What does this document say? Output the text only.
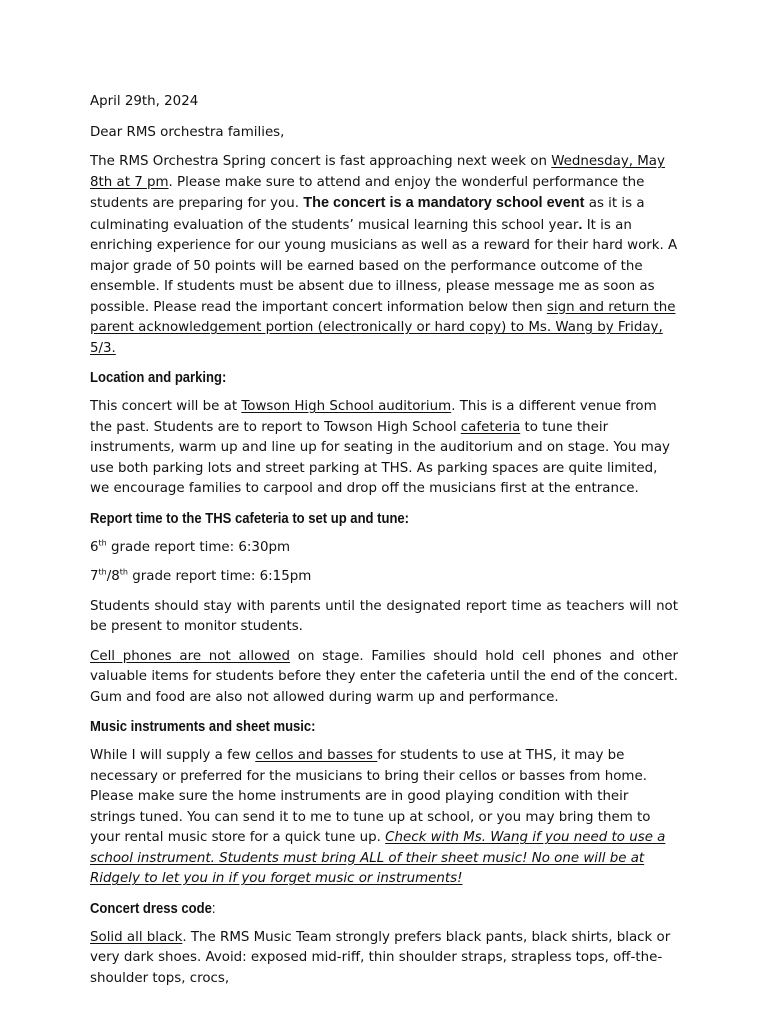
April 29th, 2024

Dear RMS orchestra families,

The RMS Orchestra Spring concert is fast approaching next week on Wednesday, May 8th at 7 pm. Please make sure to attend and enjoy the wonderful performance the students are preparing for you. The concert is a mandatory school event as it is a culminating evaluation of the students’ musical learning this school year. It is an enriching experience for our young musicians as well as a reward for their hard work. A major grade of 50 points will be earned based on the performance outcome of the ensemble. If students must be absent due to illness, please message me as soon as possible. Please read the important concert information below then sign and return the parent acknowledgement portion (electronically or hard copy) to Ms. Wang by Friday, 5/3.

Location and parking:

This concert will be at Towson High School auditorium. This is a different venue from the past. Students are to report to Towson High School cafeteria to tune their instruments, warm up and line up for seating in the auditorium and on stage. You may use both parking lots and street parking at THS. As parking spaces are quite limited, we encourage families to carpool and drop off the musicians first at the entrance.

Report time to the THS cafeteria to set up and tune:

6th grade report time: 6:30pm

7th/8th grade report time: 6:15pm

Students should stay with parents until the designated report time as teachers will not be present to monitor students.

Cell phones are not allowed on stage. Families should hold cell phones and other valuable items for students before they enter the cafeteria until the end of the concert. Gum and food are also not allowed during warm up and performance.

Music instruments and sheet music:

While I will supply a few cellos and basses for students to use at THS, it may be necessary or preferred for the musicians to bring their cellos or basses from home. Please make sure the home instruments are in good playing condition with their strings tuned. You can send it to me to tune up at school, or you may bring them to your rental music store for a quick tune up. Check with Ms. Wang if you need to use a school instrument. Students must bring ALL of their sheet music! No one will be at Ridgely to let you in if you forget music or instruments!

Concert dress code:

Solid all black. The RMS Music Team strongly prefers black pants, black shirts, black or very dark shoes. Avoid: exposed mid-riff, thin shoulder straps, strapless tops, off-the-shoulder tops, crocs,
